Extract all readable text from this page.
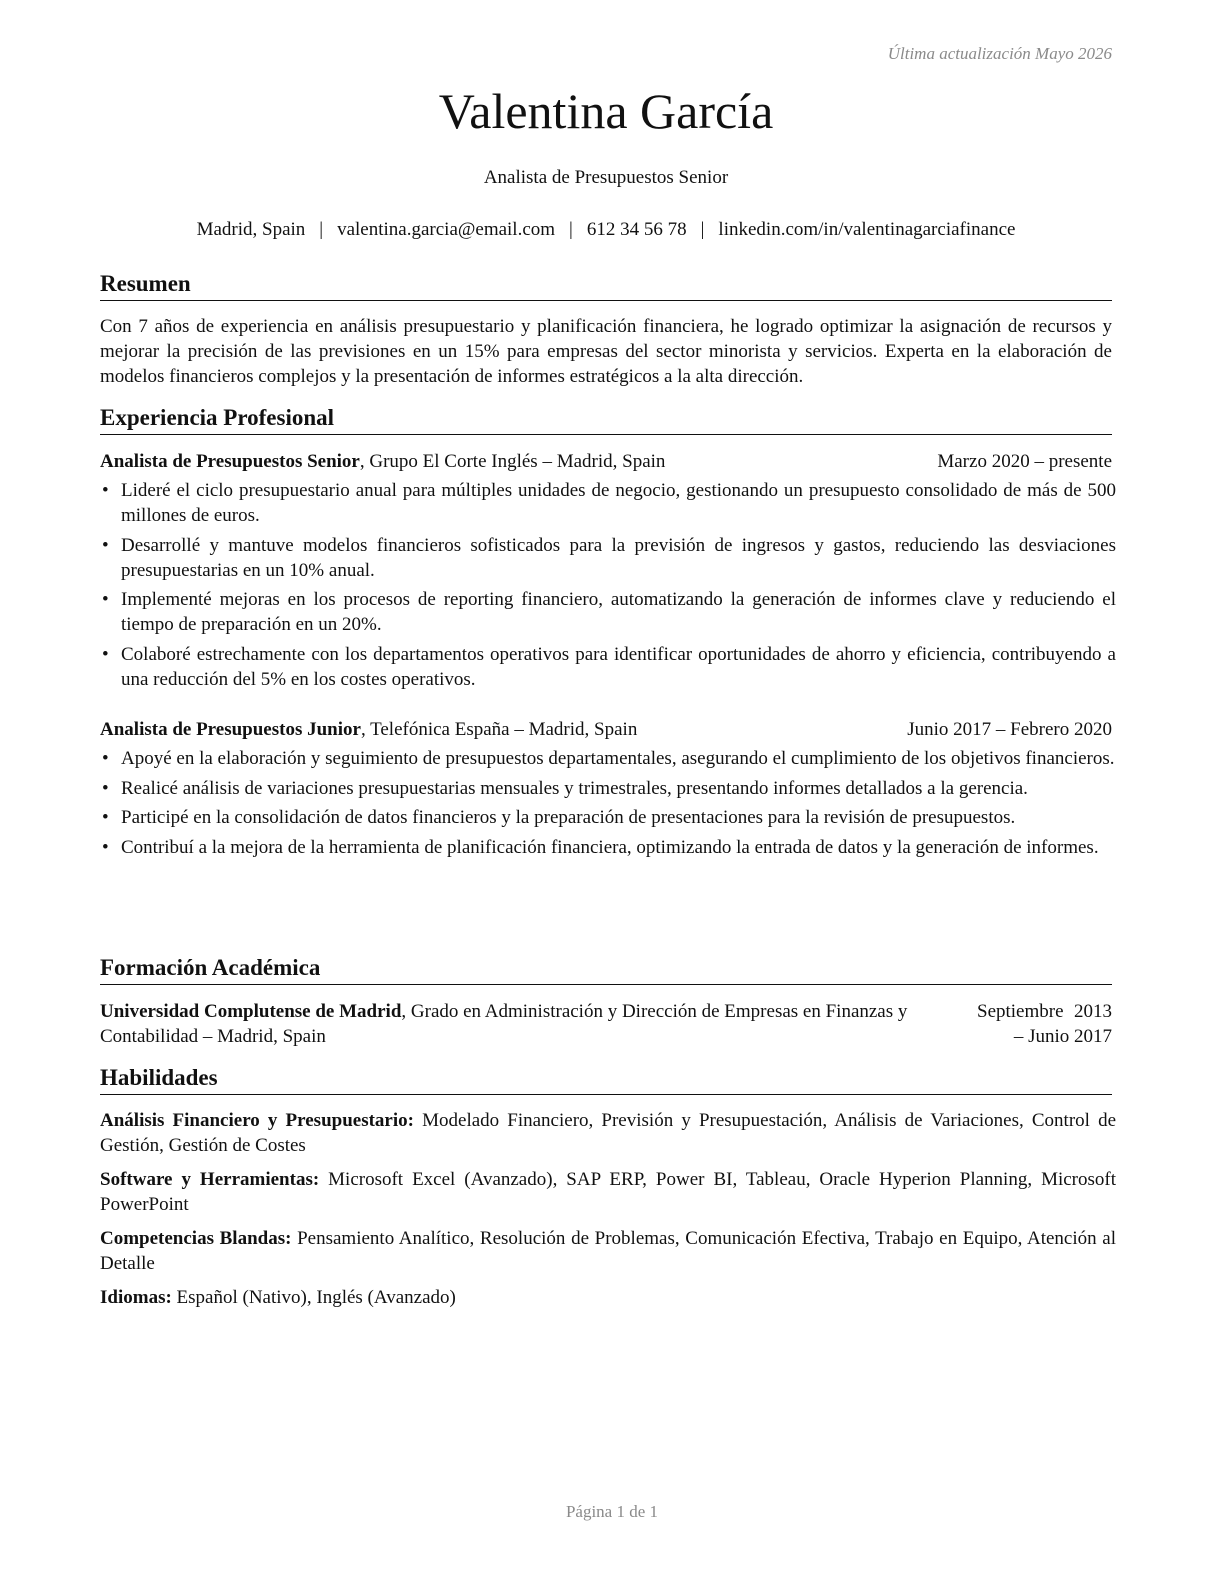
Última actualización Mayo 2026
Valentina García
Analista de Presupuestos Senior
Madrid, Spain | valentina.garcia@email.com | 612 34 56 78 | linkedin.com/in/valentinagarciafinance
Resumen
Con 7 años de experiencia en análisis presupuestario y planificación financiera, he logrado optimizar la asignación de recursos y mejorar la precisión de las previsiones en un 15% para empresas del sector minorista y servicios. Experta en la elaboración de modelos financieros complejos y la presentación de informes estratégicos a la alta dirección.
Experiencia Profesional
Analista de Presupuestos Senior, Grupo El Corte Inglés – Madrid, Spain	Marzo 2020 – presente
• Lideré el ciclo presupuestario anual para múltiples unidades de negocio, gestionando un presupuesto consolidado de más de 500 millones de euros.
• Desarrollé y mantuve modelos financieros sofisticados para la previsión de ingresos y gastos, reduciendo las desviaciones presupuestarias en un 10% anual.
• Implementé mejoras en los procesos de reporting financiero, automatizando la generación de informes clave y reduciendo el tiempo de preparación en un 20%.
• Colaboré estrechamente con los departamentos operativos para identificar oportunidades de ahorro y eficiencia, contribuyendo a una reducción del 5% en los costes operativos.
Analista de Presupuestos Junior, Telefónica España – Madrid, Spain	Junio 2017 – Febrero 2020
• Apoyé en la elaboración y seguimiento de presupuestos departamentales, asegurando el cumplimiento de los objetivos financieros.
• Realicé análisis de variaciones presupuestarias mensuales y trimestrales, presentando informes detallados a la gerencia.
• Participé en la consolidación de datos financieros y la preparación de presentaciones para la revisión de presupuestos.
• Contribuí a la mejora de la herramienta de planificación financiera, optimizando la entrada de datos y la generación de informes.
Formación Académica
Universidad Complutense de Madrid, Grado en Administración y Dirección de Empresas en Finanzas y Contabilidad – Madrid, Spain
Septiembre 2013 – Junio 2017
Habilidades
Análisis Financiero y Presupuestario: Modelado Financiero, Previsión y Presupuestación, Análisis de Variaciones, Control de Gestión, Gestión de Costes
Software y Herramientas: Microsoft Excel (Avanzado), SAP ERP, Power BI, Tableau, Oracle Hyperion Planning, Microsoft PowerPoint
Competencias Blandas: Pensamiento Analítico, Resolución de Problemas, Comunicación Efectiva, Trabajo en Equipo, Atención al Detalle
Idiomas: Español (Nativo), Inglés (Avanzado)
Página 1 de 1
